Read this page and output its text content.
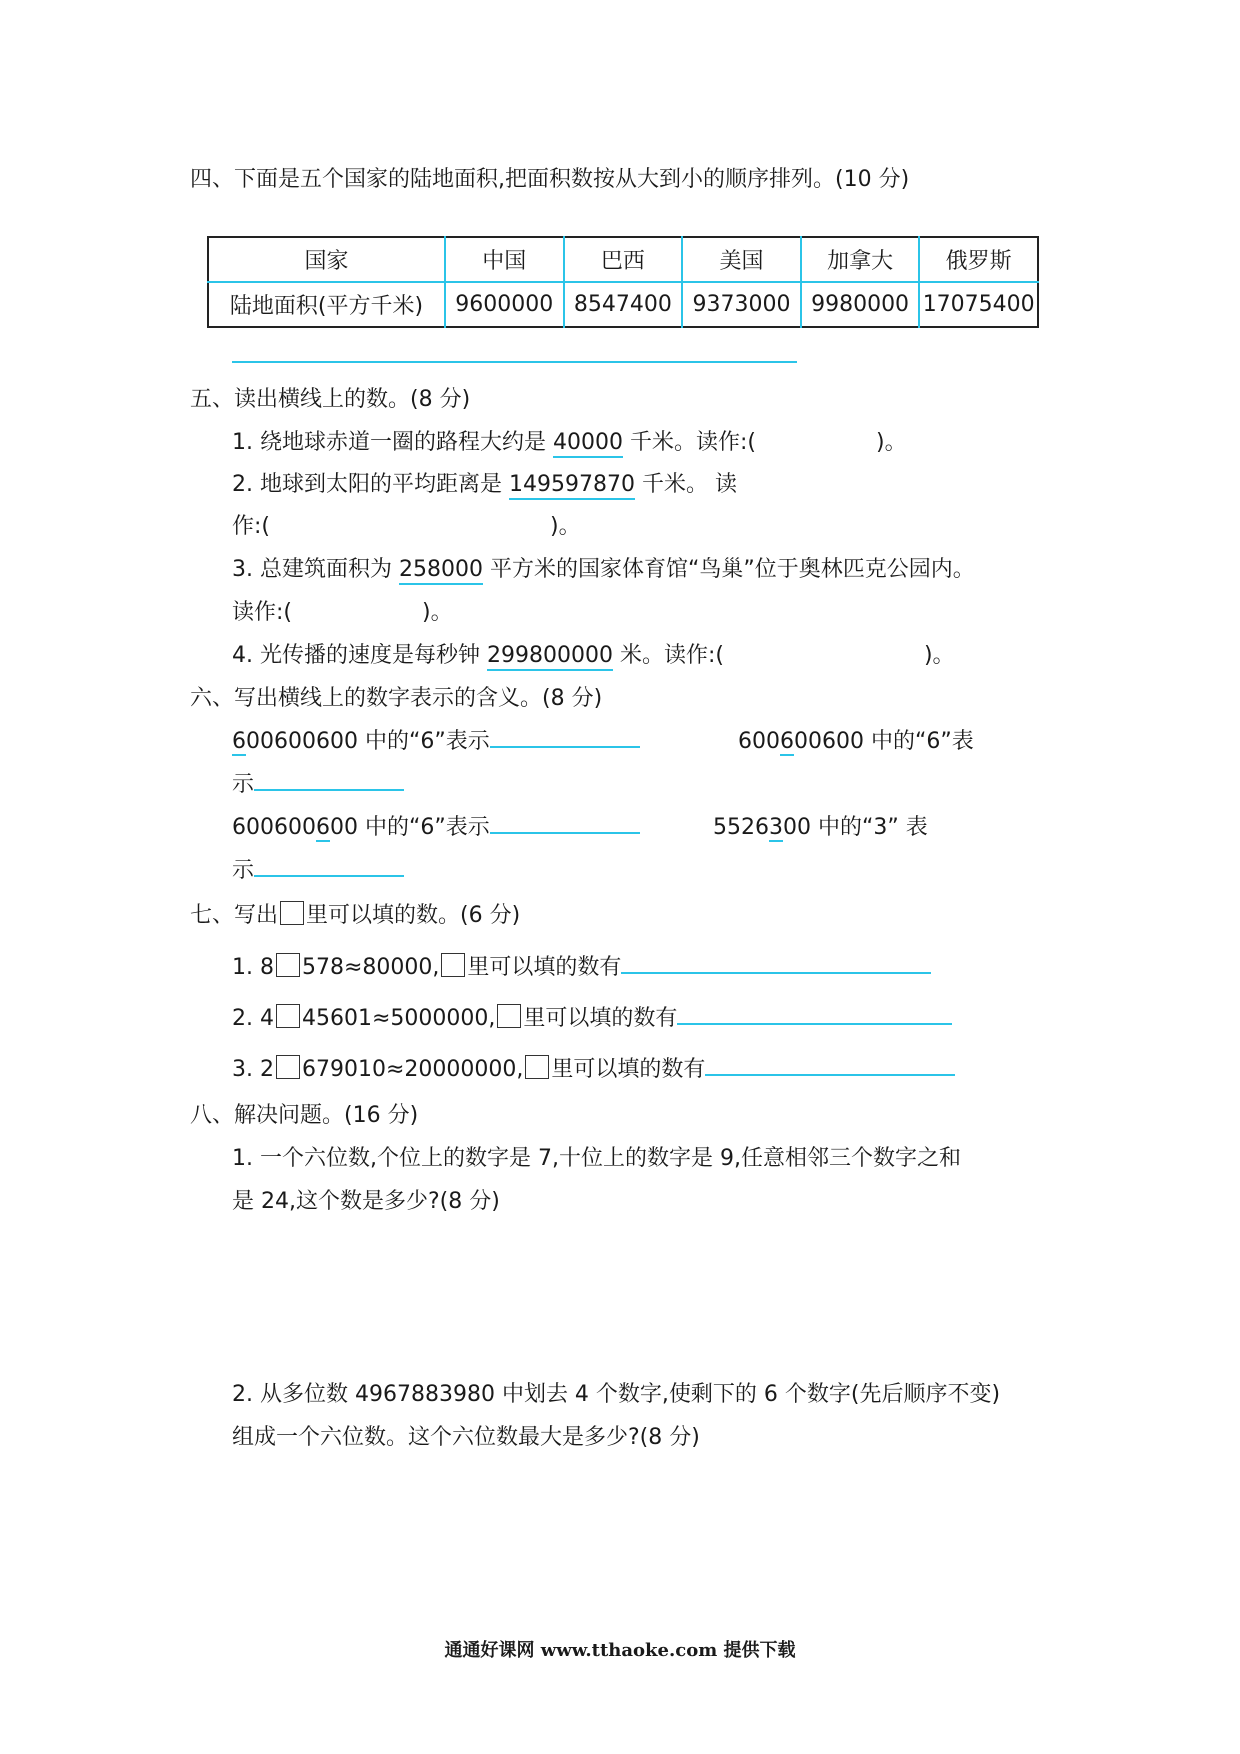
四、下面是五个国家的陆地面积,把面积数按从大到小的顺序排列。(10 分)
国家	中国	巴西	美国	加拿大	俄罗斯
陆地面积(平方千米)	9600000	8547400	9373000	9980000	17075400
五、读出横线上的数。(8 分)
1. 绕地球赤道一圈的路程大约是 40000 千米。读作:(	)。
2. 地球到太阳的平均距离是 149597870 千米。 读
作:(	)。
3. 总建筑面积为 258000 平方米的国家体育馆“鸟巢”位于奥林匹克公园内。
读作:(	)。
4. 光传播的速度是每秒钟 299800000 米。读作:(	)。
六、写出横线上的数字表示的含义。(8 分)
600600600 中的“6”表示	600600600 中的“6”表
示
600600600 中的“6”表示	5526300 中的“3” 表
示
七、写出 里可以填的数。(6 分)
1. 8 578≈80000, 里可以填的数有
2. 4 45601≈5000000, 里可以填的数有
3. 2 679010≈20000000, 里可以填的数有
八、解决问题。(16 分)
1. 一个六位数,个位上的数字是 7,十位上的数字是 9,任意相邻三个数字之和
是 24,这个数是多少?(8 分)
2. 从多位数 4967883980 中划去 4 个数字,使剩下的 6 个数字(先后顺序不变)
组成一个六位数。这个六位数最大是多少?(8 分)
通通好课网 www.tthaoke.com 提供下载
